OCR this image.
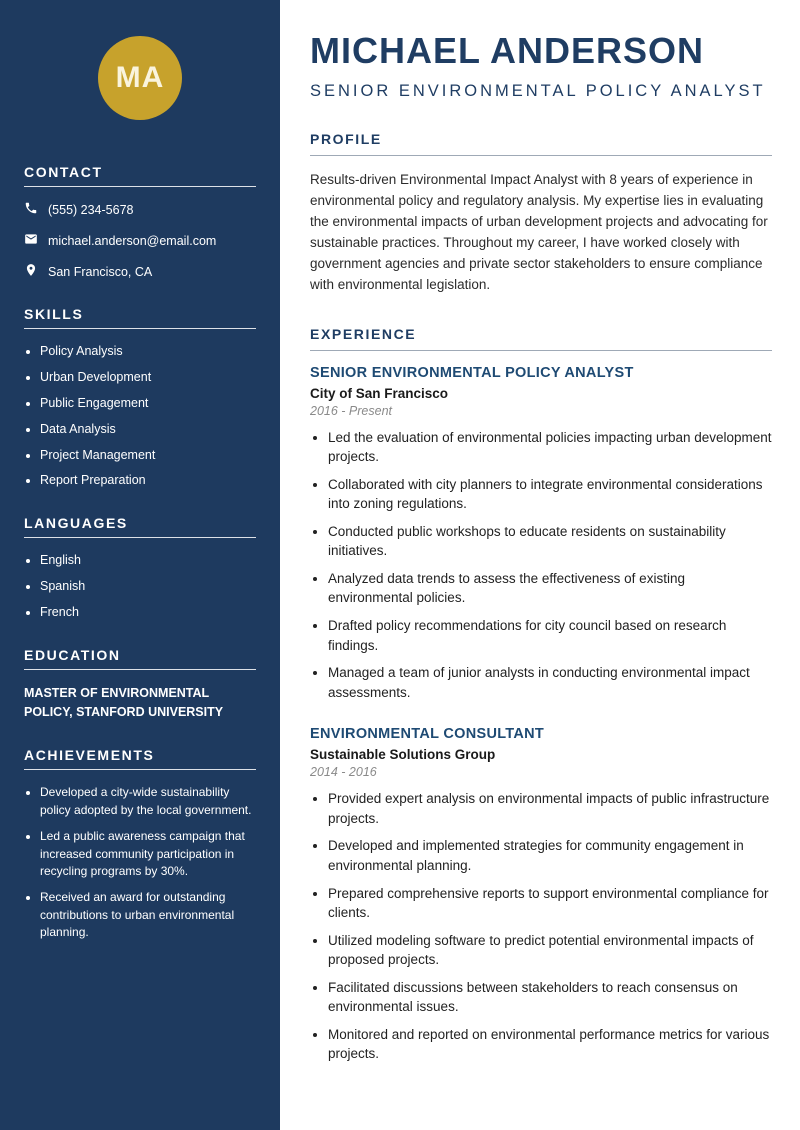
MA
CONTACT
(555) 234-5678
michael.anderson@email.com
San Francisco, CA
SKILLS
• Policy Analysis
• Urban Development
• Public Engagement
• Data Analysis
• Project Management
• Report Preparation
LANGUAGES
• English
• Spanish
• French
EDUCATION

MASTER OF ENVIRONMENTAL POLICY, STANFORD UNIVERSITY

ACHIEVEMENTS
• Developed a city-wide sustainability policy adopted by the local government.
• Led a public awareness campaign that increased community participation in recycling programs by 30%.
• Received an award for outstanding contributions to urban environmental planning.
MICHAEL ANDERSON

SENIOR ENVIRONMENTAL POLICY ANALYST

PROFILE

Results-driven Environmental Impact Analyst with 8 years of experience in environmental policy and regulatory analysis. My expertise lies in evaluating the environmental impacts of urban development projects and advocating for sustainable practices. Throughout my career, I have worked closely with government agencies and private sector stakeholders to ensure compliance with environmental legislation.

EXPERIENCE
SENIOR ENVIRONMENTAL POLICY ANALYST

City of San Francisco

2016 - Present

• Led the evaluation of environmental policies impacting urban development projects.
• Collaborated with city planners to integrate environmental considerations into zoning regulations.
• Conducted public workshops to educate residents on sustainability initiatives.
• Analyzed data trends to assess the effectiveness of existing environmental policies.
• Drafted policy recommendations for city council based on research findings.
• Managed a team of junior analysts in conducting environmental impact assessments.
ENVIRONMENTAL CONSULTANT

Sustainable Solutions Group

2014 - 2016

• Provided expert analysis on environmental impacts of public infrastructure projects.
• Developed and implemented strategies for community engagement in environmental planning.
• Prepared comprehensive reports to support environmental compliance for clients.
• Utilized modeling software to predict potential environmental impacts of proposed projects.
• Facilitated discussions between stakeholders to reach consensus on environmental issues.
• Monitored and reported on environmental performance metrics for various projects.
